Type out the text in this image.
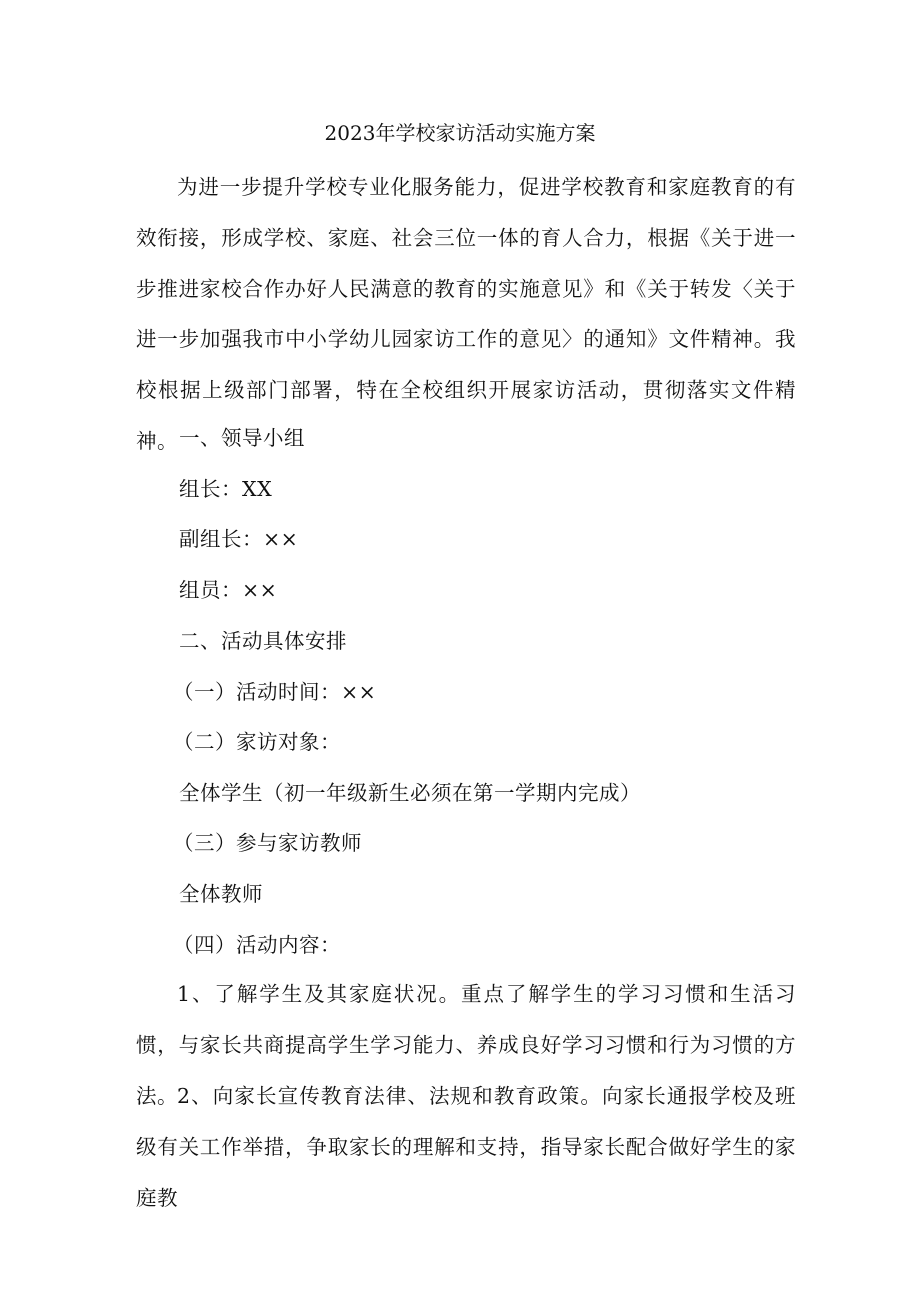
2023年学校家访活动实施方案

为进一步提升学校专业化服务能力，促进学校教育和家庭教育的有效衔接，形成学校、家庭、社会三位一体的育人合力，根据《关于进一步推进家校合作办好人民满意的教育的实施意见》和《关于转发〈关于进一步加强我市中小学幼儿园家访工作的意见〉的通知》文件精神。我校根据上级部门部署，特在全校组织开展家访活动，贯彻落实文件精神。 一、领导小组
组长：XX
副组长：××
组员：××
二、活动具体安排
（一）活动时间：××
（二）家访对象：
全体学生（初一年级新生必须在第一学期内完成）
（三）参与家访教师
全体教师
（四）活动内容：

1、了解学生及其家庭状况。重点了解学生的学习习惯和生活习惯，与家长共商提高学生学习能力、养成良好学习习惯和行为习惯的方法。 2、向家长宣传教育法律、法规和教育政策。向家长通报学校及班级有关工作举措，争取家长的理解和支持，指导家长配合做好学生的家庭教
